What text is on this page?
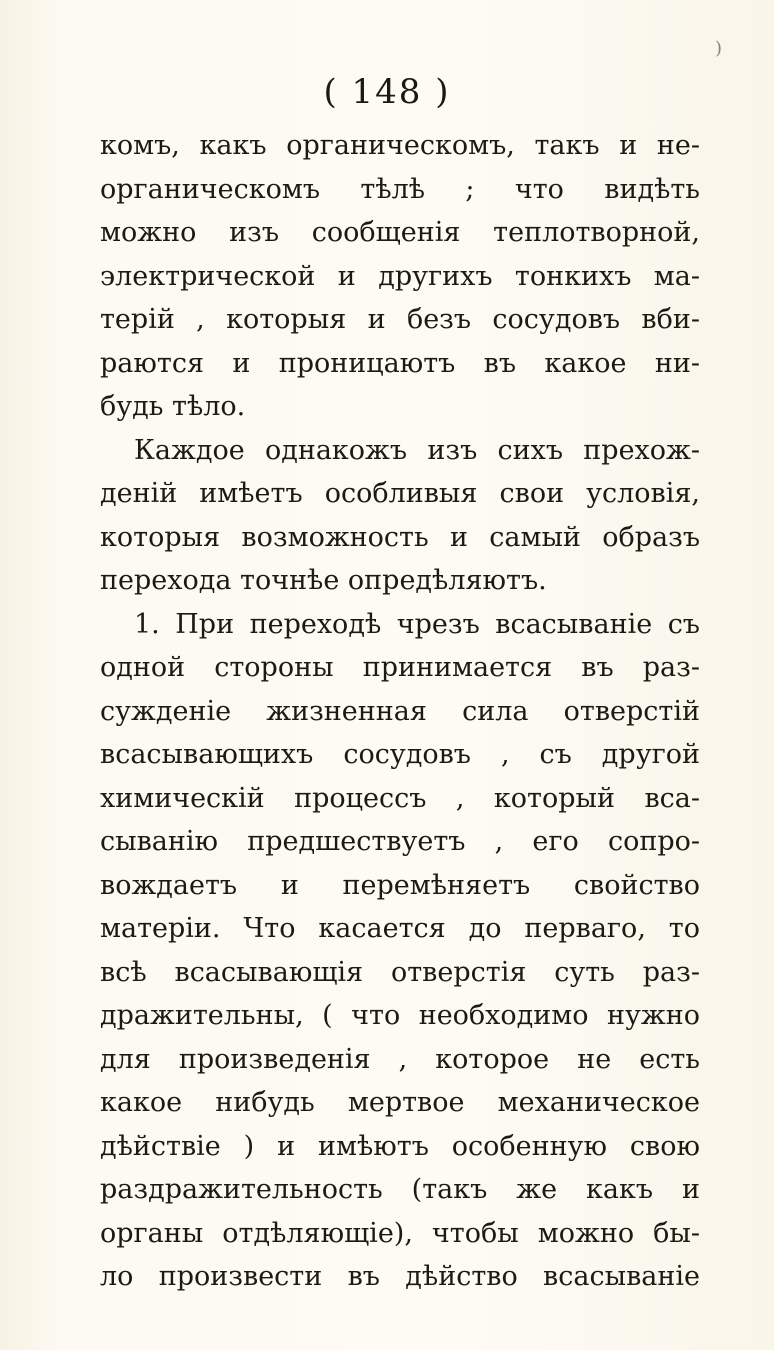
)
( 148 )
комъ, какъ органическомъ, такъ и не-
органическомъ тѣлѣ ; что видѣть
можно изъ сообщенія теплотворной,
электрической и другихъ тонкихъ ма-
терій , которыя и безъ сосудовъ вби-
раются и проницаютъ въ какое ни-
будь тѣло.
Каждое однакожъ изъ сихъ прехож-
деній имѣетъ особливыя свои условія,
которыя возможность и самый образъ
перехода точнѣе опредѣляютъ.
1. При переходѣ чрезъ всасываніе съ
одной стороны принимается въ раз-
сужденіе жизненная сила отверстій
всасывающихъ сосудовъ , съ другой
химическій процессъ , который вса-
сыванію предшествуетъ , его сопро-
вождаетъ и перемѣняетъ свойство
матеріи. Что касается до перваго, то
всѣ всасывающія отверстія суть раз-
дражительны, ( что необходимо нужно
для произведенія , которое не есть
какое нибудь мертвое механическое
дѣйствіе ) и имѣютъ особенную свою
раздражительность (такъ же какъ и
органы отдѣляющіе), чтобы можно бы-
ло произвести въ дѣйство всасываніе
